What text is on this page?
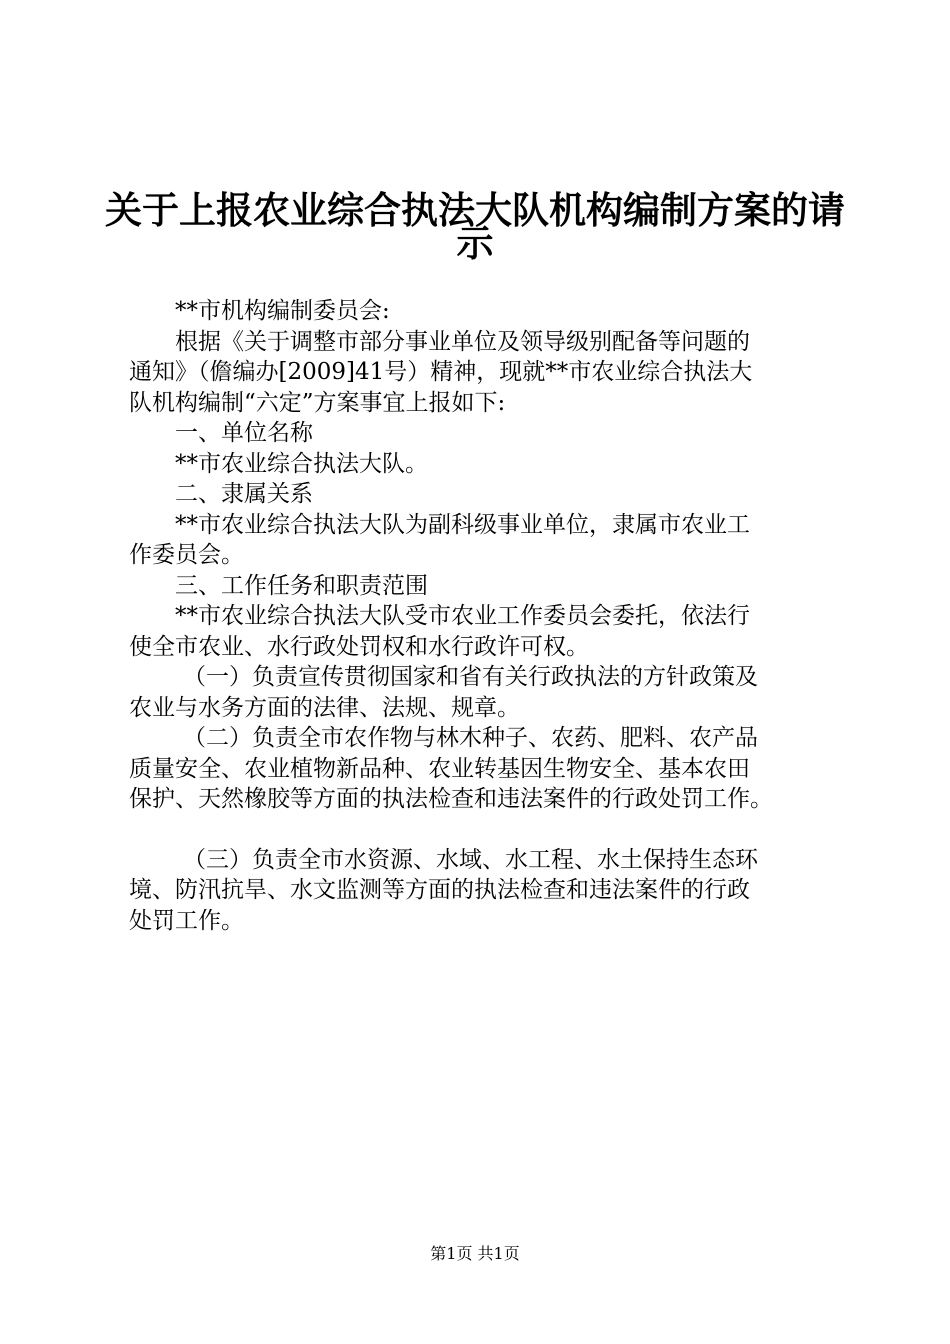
关于上报农业综合执法大队机构编制方案的请
示

**市机构编制委员会:

根据《关于调整市部分事业单位及领导级别配备等问题的

通知》（儋编办[2009]41号）精神，现就**市农业综合执法大

队机构编制“六定”方案事宜上报如下:

一、单位名称

**市农业综合执法大队。

二、隶属关系

**市农业综合执法大队为副科级事业单位，隶属市农业工

作委员会。

三、工作任务和职责范围

**市农业综合执法大队受市农业工作委员会委托，依法行

使全市农业、水行政处罚权和水行政许可权。

（一）负责宣传贯彻国家和省有关行政执法的方针政策及

农业与水务方面的法律、法规、规章。

（二）负责全市农作物与林木种子、农药、肥料、农产品

质量安全、农业植物新品种、农业转基因生物安全、基本农田

保护、天然橡胶等方面的执法检查和违法案件的行政处罚工作。

（三）负责全市水资源、水域、水工程、水土保持生态环

境、防汛抗旱、水文监测等方面的执法检查和违法案件的行政

处罚工作。

第1页 共1页
